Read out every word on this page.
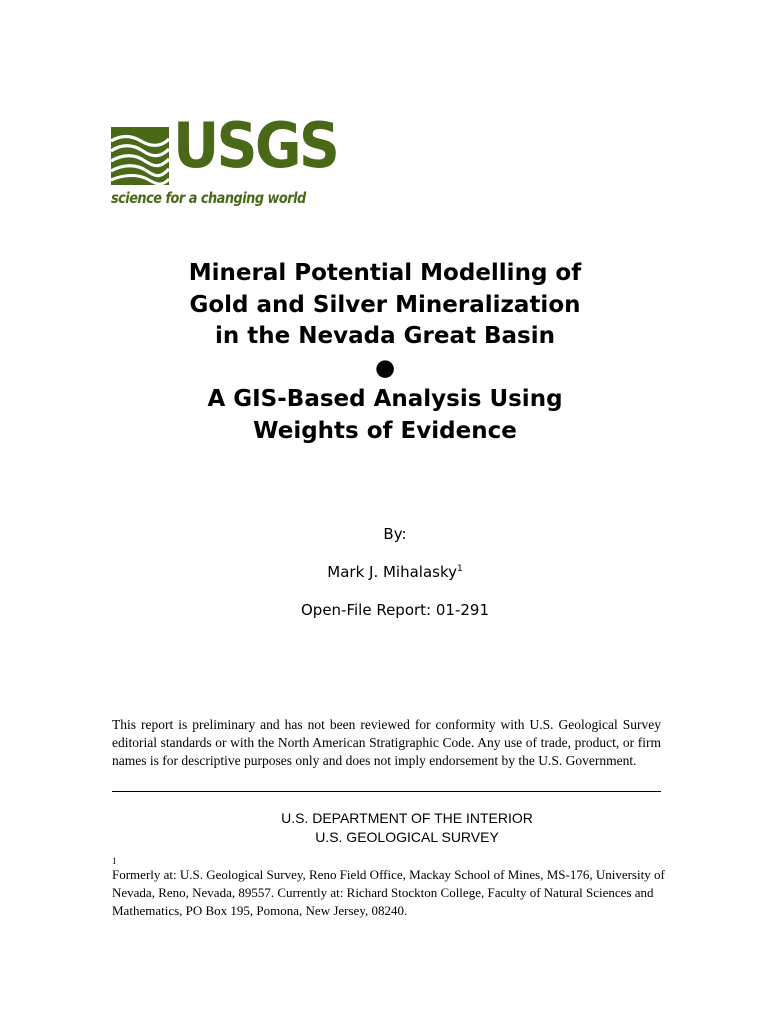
USGS
science for a changing world
Mineral Potential Modelling of
Gold and Silver Mineralization
in the Nevada Great Basin
●
A GIS-Based Analysis Using
Weights of Evidence
By:
Mark J. Mihalasky$^1$
Open-File Report: 01-291
This report is preliminary and has not been reviewed for conformity with U.S. Geological Survey editorial standards or with the North American Stratigraphic Code. Any use of trade, product, or firm names is for descriptive purposes only and does not imply endorsement by the U.S. Government.
U.S. DEPARTMENT OF THE INTERIOR
U.S. GEOLOGICAL SURVEY
1
Formerly at: U.S. Geological Survey, Reno Field Office, Mackay School of Mines, MS-176, University of Nevada, Reno, Nevada, 89557. Currently at: Richard Stockton College, Faculty of Natural Sciences and Mathematics, PO Box 195, Pomona, New Jersey, 08240.
